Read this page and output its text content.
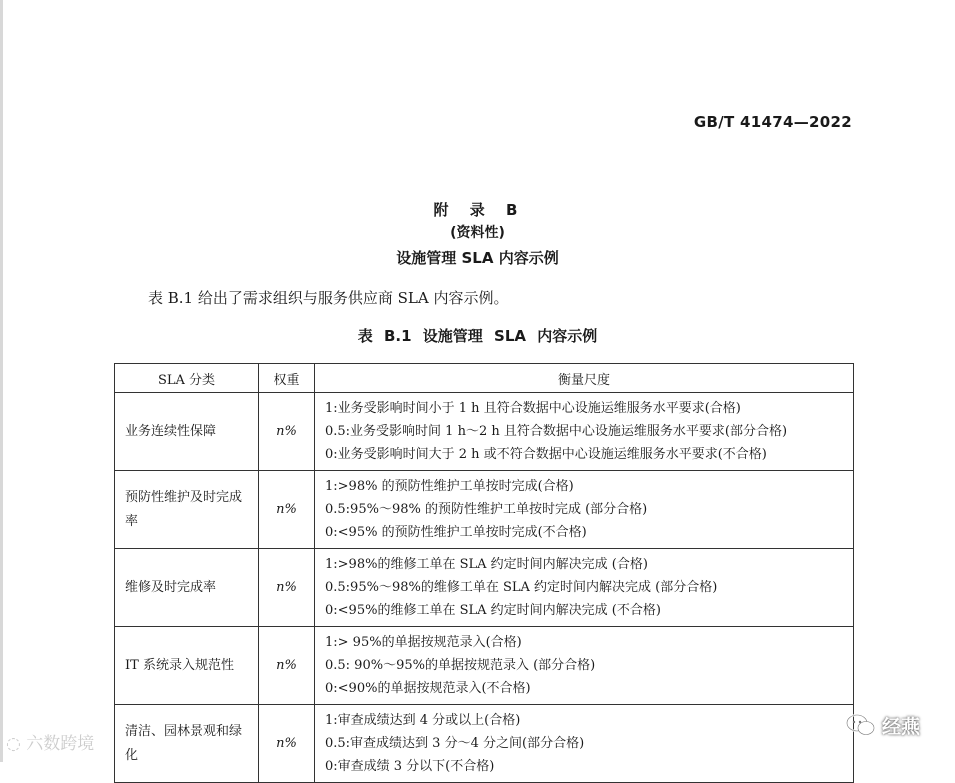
GB/T 41474—2022
附 录 B
(资料性)
设施管理 SLA 内容示例
表 B.1 给出了需求组织与服务供应商 SLA 内容示例。
表 B.1 设施管理 SLA 内容示例
SLA 分类	权重	衡量尺度
业务连续性保障	n%	1:业务受影响时间小于 1 h 且符合数据中心设施运维服务水平要求(合格)
0.5:业务受影响时间 1 h～2 h 且符合数据中心设施运维服务水平要求(部分合格)
0:业务受影响时间大于 2 h 或不符合数据中心设施运维服务水平要求(不合格)

预防性维护及时完成率	n%	1:>98% 的预防性维护工单按时完成(合格)
0.5:95%～98% 的预防性维护工单按时完成 (部分合格)
0:<95% 的预防性维护工单按时完成(不合格)

维修及时完成率	n%	1:>98%的维修工单在 SLA 约定时间内解决完成 (合格)
0.5:95%～98%的维修工单在 SLA 约定时间内解决完成 (部分合格)
0:<95%的维修工单在 SLA 约定时间内解决完成 (不合格)

IT 系统录入规范性	n%	1:> 95%的单据按规范录入(合格)
0.5: 90%～95%的单据按规范录入 (部分合格)
0:<90%的单据按规范录入(不合格)

清洁、园林景观和绿化	n%	1:审查成绩达到 4 分或以上(合格)
0.5:审查成绩达到 3 分～4 分之间(部分合格)
0:审查成绩 3 分以下(不合格)
◌ 六数跨境
经燕
